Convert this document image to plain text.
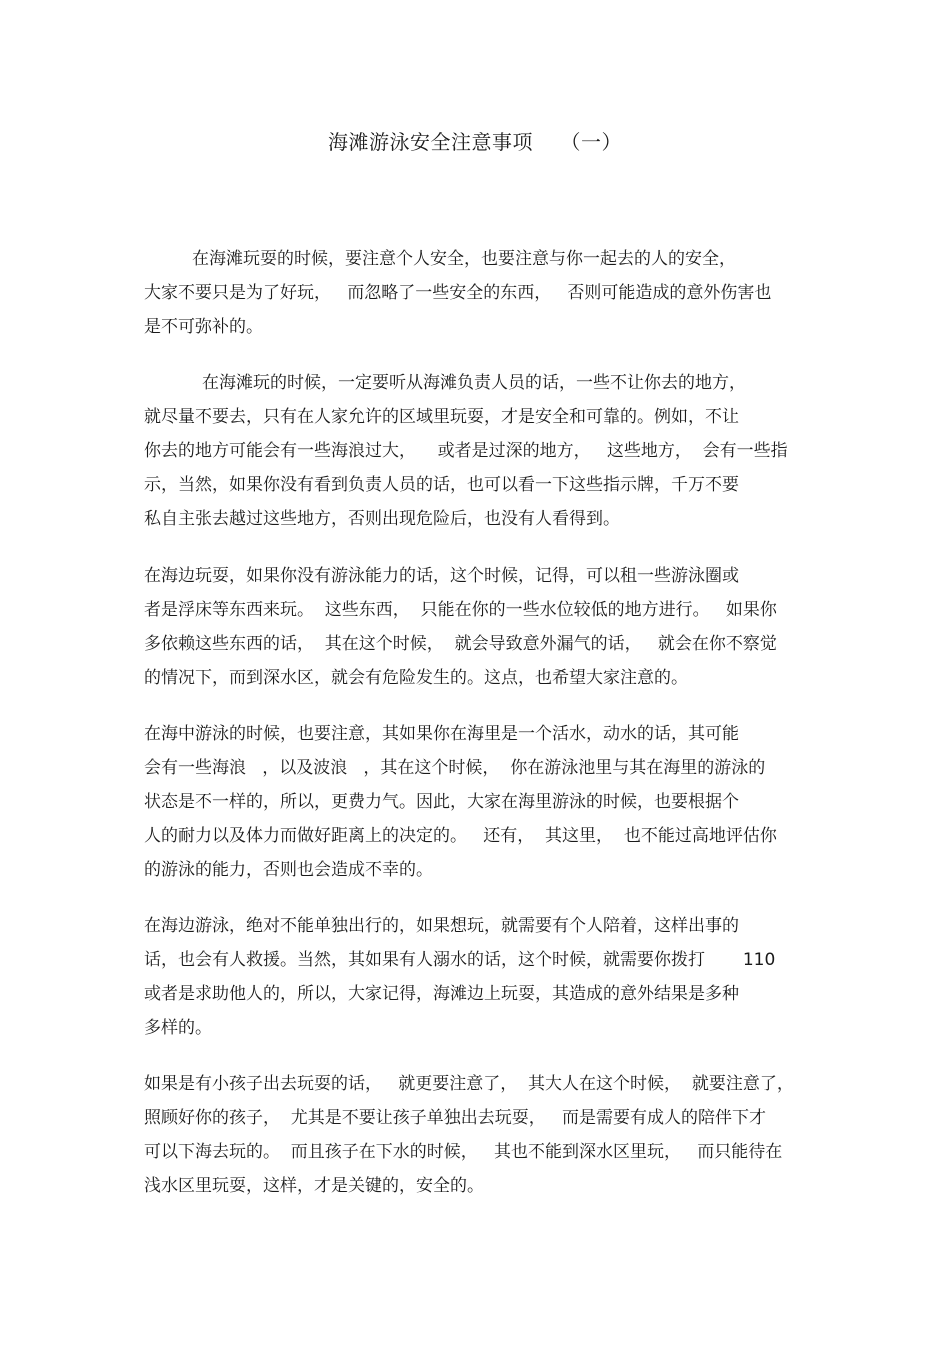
海滩游泳安全注意事项    （一）
在海滩玩耍的时候，要注意个人安全，也要注意与你一起去的人的安全，
大家不要只是为了好玩，   而忽略了一些安全的东西，   否则可能造成的意外伤害也
是不可弥补的。
在海滩玩的时候，一定要听从海滩负责人员的话，一些不让你去的地方，
就尽量不要去，只有在人家允许的区域里玩耍，才是安全和可靠的。例如，不让
你去的地方可能会有一些海浪过大，    或者是过深的地方，   这些地方，  会有一些指
示，当然，如果你没有看到负责人员的话，也可以看一下这些指示牌，千万不要
私自主张去越过这些地方，否则出现危险后，也没有人看得到。
在海边玩耍，如果你没有游泳能力的话，这个时候，记得，可以租一些游泳圈或
者是浮床等东西来玩。  这些东西，  只能在你的一些水位较低的地方进行。   如果你
多依赖这些东西的话，  其在这个时候，  就会导致意外漏气的话，   就会在你不察觉
的情况下，而到深水区，就会有危险发生的。这点，也希望大家注意的。
在海中游泳的时候，也要注意，其如果你在海里是一个活水，动水的话，其可能
会有一些海浪   ，以及波浪   ，其在这个时候，  你在游泳池里与其在海里的游泳的
状态是不一样的，所以，更费力气。因此，大家在海里游泳的时候，也要根据个
人的耐力以及体力而做好距离上的决定的。   还有，  其这里，  也不能过高地评估你
的游泳的能力，否则也会造成不幸的。
在海边游泳，绝对不能单独出行的，如果想玩，就需要有个人陪着，这样出事的
话，也会有人救援。当然，其如果有人溺水的话，这个时候，就需要你拨打       110
或者是求助他人的，所以，大家记得，海滩边上玩耍，其造成的意外结果是多种
多样的。
如果是有小孩子出去玩耍的话，   就更要注意了，  其大人在这个时候，  就要注意了，
照顾好你的孩子，  尤其是不要让孩子单独出去玩耍，   而是需要有成人的陪伴下才
可以下海去玩的。  而且孩子在下水的时候，   其也不能到深水区里玩，   而只能待在
浅水区里玩耍，这样，才是关键的，安全的。
